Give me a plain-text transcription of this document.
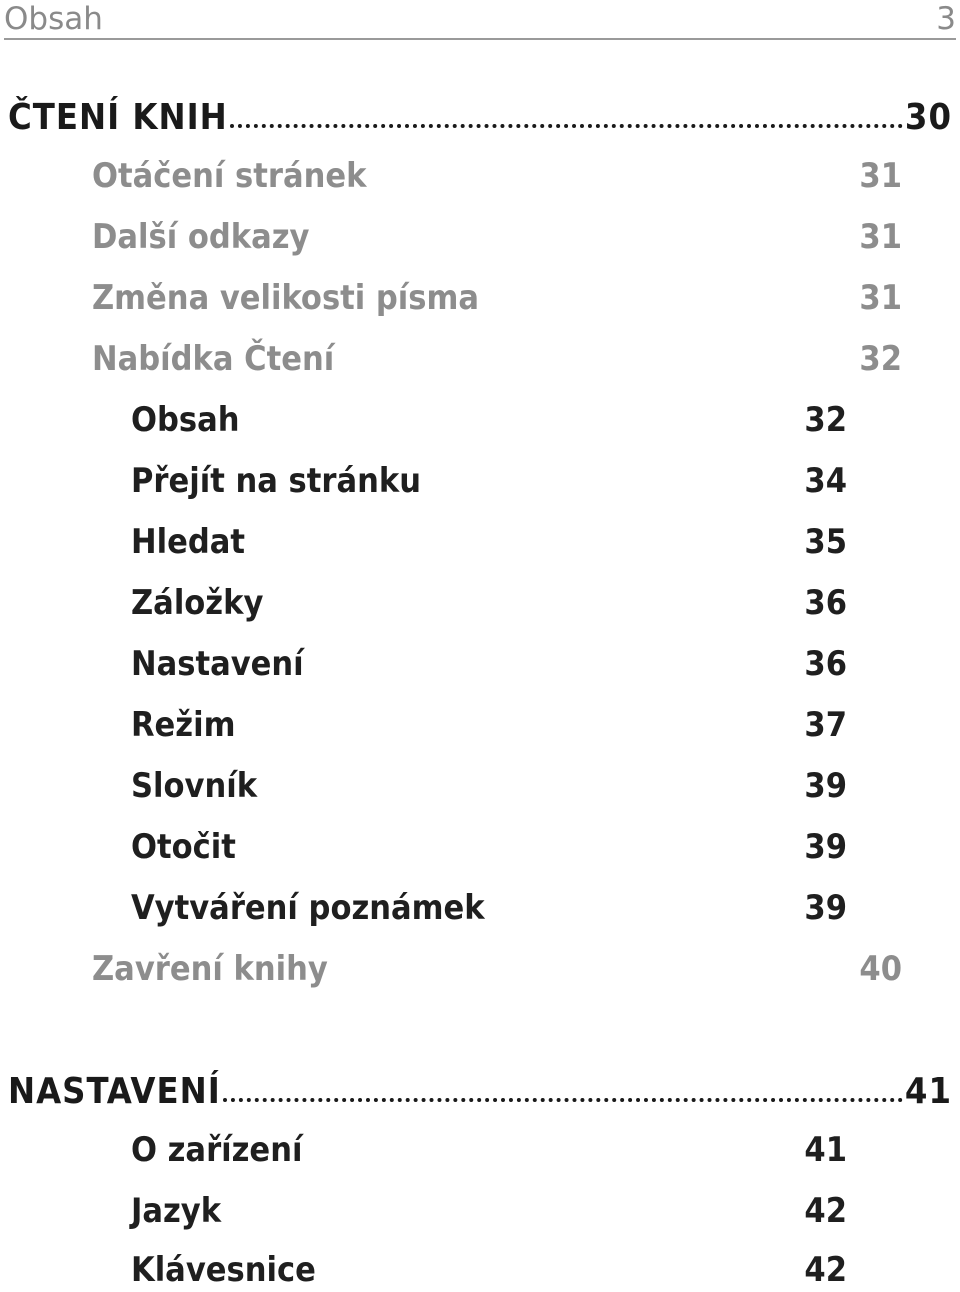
Obsah	3
ČTENÍ KNIH	30
Otáčení stránek	31
Další odkazy	31
Změna velikosti písma	31
Nabídka Čtení	32
Obsah	32
Přejít na stránku	34
Hledat	35
Záložky	36
Nastavení	36
Režim	37
Slovník	39
Otočit	39
Vytváření poznámek	39
Zavření knihy	40
NASTAVENÍ	41
O zařízení	41
Jazyk	42
Klávesnice	42
